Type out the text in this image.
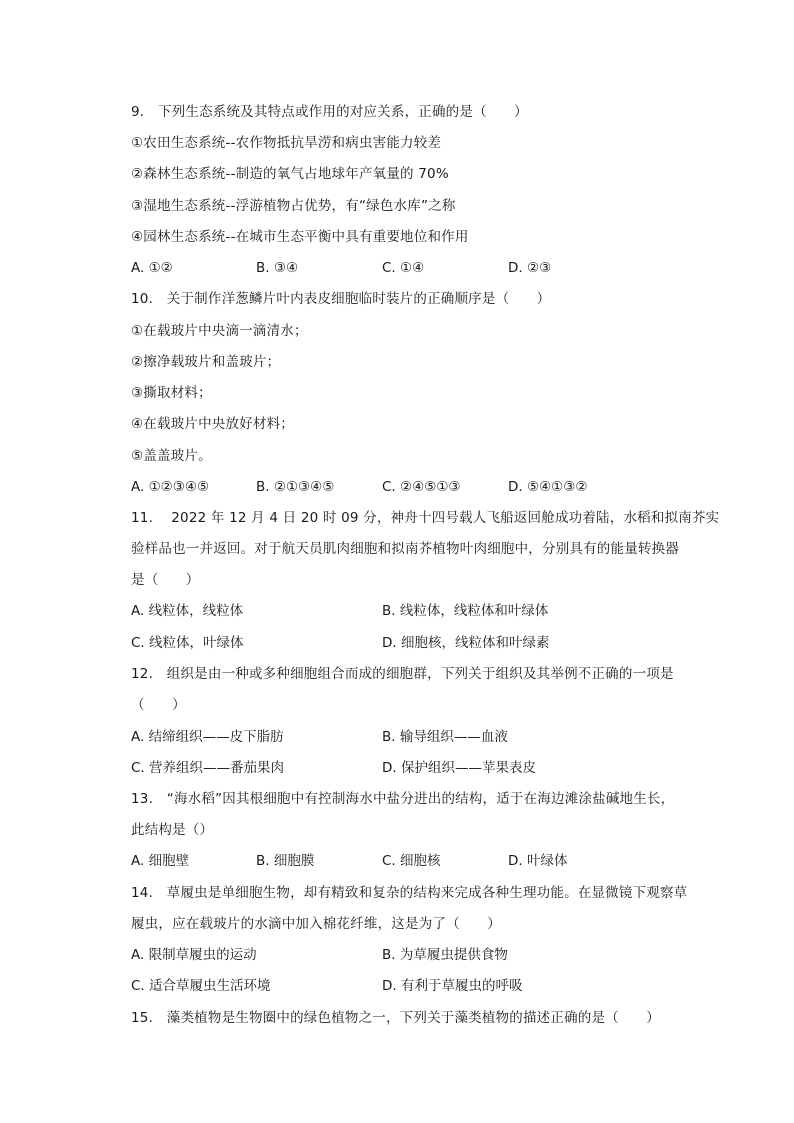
9.　下列生态系统及其特点或作用的对应关系，正确的是（　　）
①农田生态系统--农作物抵抗旱涝和病虫害能力较差
②森林生态系统--制造的氧气占地球年产氧量的 70%
③湿地生态系统--浮游植物占优势，有“绿色水库”之称
④园林生态系统--在城市生态平衡中具有重要地位和作用
A. ①②	B. ③④	C. ①④	D. ②③
10.　关于制作洋葱鳞片叶内表皮细胞临时装片的正确顺序是（　　）
①在载玻片中央滴一滴清水；
②擦净载玻片和盖玻片；
③撕取材料；
④在载玻片中央放好材料；
⑤盖盖玻片。
A. ①②③④⑤	B. ②①③④⑤	C. ②④⑤①③	D. ⑤④①③②
11.　 2022 年 12 月 4 日 20 时 09 分，神舟十四号载人飞船返回舱成功着陆，水稻和拟南芥实
验样品也一并返回。对于航天员肌肉细胞和拟南芥植物叶肉细胞中，分别具有的能量转换器
是（　　）
A. 线粒体，线粒体	B. 线粒体，线粒体和叶绿体
C. 线粒体，叶绿体	D. 细胞核，线粒体和叶绿素
12.　组织是由一种或多种细胞组合而成的细胞群，下列关于组织及其举例不正确的一项是
（　　）
A. 结缔组织——皮下脂肪	B. 输导组织——血液
C. 营养组织——番茄果肉	D. 保护组织——苹果表皮
13.　“海水稻”因其根细胞中有控制海水中盐分进出的结构，适于在海边滩涂盐碱地生长，
此结构是（）
A. 细胞壁	B. 细胞膜	C. 细胞核	D. 叶绿体
14.　草履虫是单细胞生物，却有精致和复杂的结构来完成各种生理功能。在显微镜下观察草
履虫，应在载玻片的水滴中加入棉花纤维，这是为了（　　）
A. 限制草履虫的运动	B. 为草履虫提供食物
C. 适合草履虫生活环境	D. 有利于草履虫的呼吸
15.　藻类植物是生物圈中的绿色植物之一，下列关于藻类植物的描述正确的是（　　）
